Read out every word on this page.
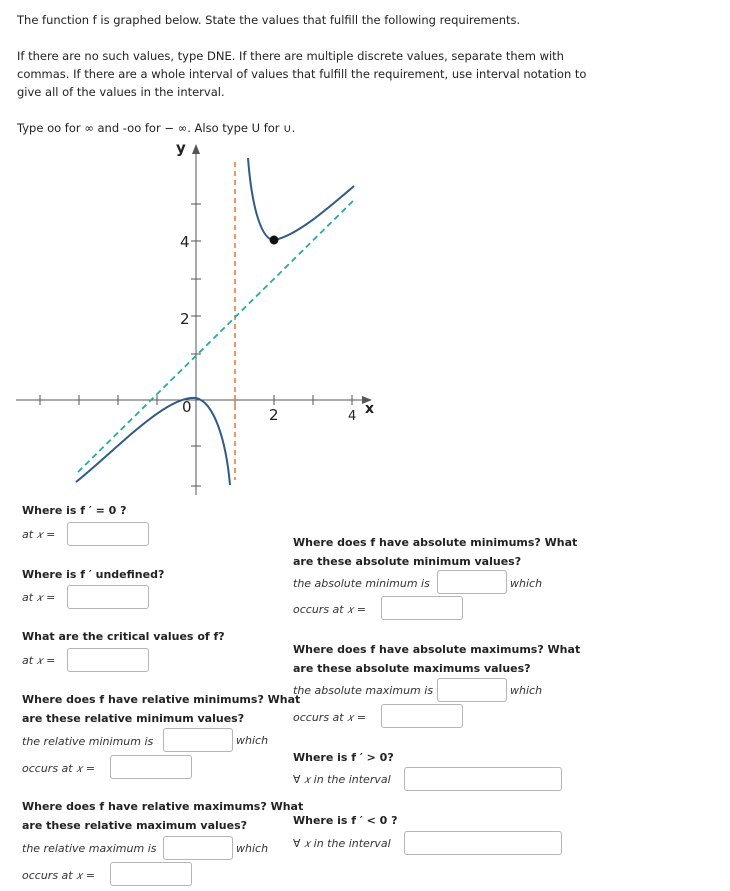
The function f is graphed below. State the values that fulfill the following requirements.
If there are no such values, type DNE. If there are multiple discrete values, separate them with
commas. If there are a whole interval of values that fulfill the requirement, use interval notation to
give all of the values in the interval.
Type oo for ∞ and -oo for − ∞. Also type U for ∪.
y
x
0	2	4
2
4
Where is f ′ = 0 ?
at 𝑥 =
Where is f ′ undefined?
at 𝑥 =
What are the critical values of f?
at 𝑥 =
Where does f have relative minimums? What
are these relative minimum values?
the relative minimum is	which
occurs at 𝑥 =
Where does f have relative maximums? What
are these relative maximum values?
the relative maximum is	which
occurs at 𝑥 =
Where does f have absolute minimums? What
are these absolute minimum values?
the absolute minimum is	which
occurs at 𝑥 =
Where does f have absolute maximums? What
are these absolute maximums values?
the absolute maximum is	which
occurs at 𝑥 =
Where is f ′ > 0?
∀ 𝑥 in the interval
Where is f ′ < 0 ?
∀ 𝑥 in the interval
